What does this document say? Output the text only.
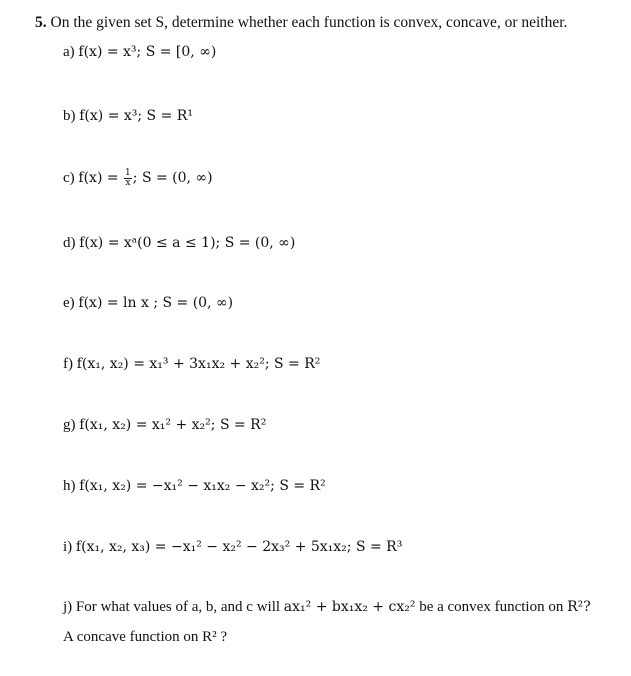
5. On the given set S, determine whether each function is convex, concave, or neither.
a) f(x) = x³; S = [0, ∞)
b) f(x) = x³; S = R¹
c) $f(x) = \frac{1}{x}$ ; S = (0, ∞)
d) f(x) = xᵃ(0 ≤ a ≤ 1); S = (0, ∞)
e) f(x) = ln x ; S = (0, ∞)
f) f(x₁, x₂) = x₁³ + 3x₁x₂ + x₂²; S = R²
g) f(x₁, x₂) = x₁² + x₂²; S = R²
h) f(x₁, x₂) = −x₁² − x₁x₂ − x₂²; S = R²
i) f(x₁, x₂, x₃) = −x₁² − x₂² − 2x₃² + 5x₁x₂; S = R³
j) For what values of a, b, and c will ax₁² + bx₁x₂ + cx₂² be a convex function on R²?
A concave function on R² ?
